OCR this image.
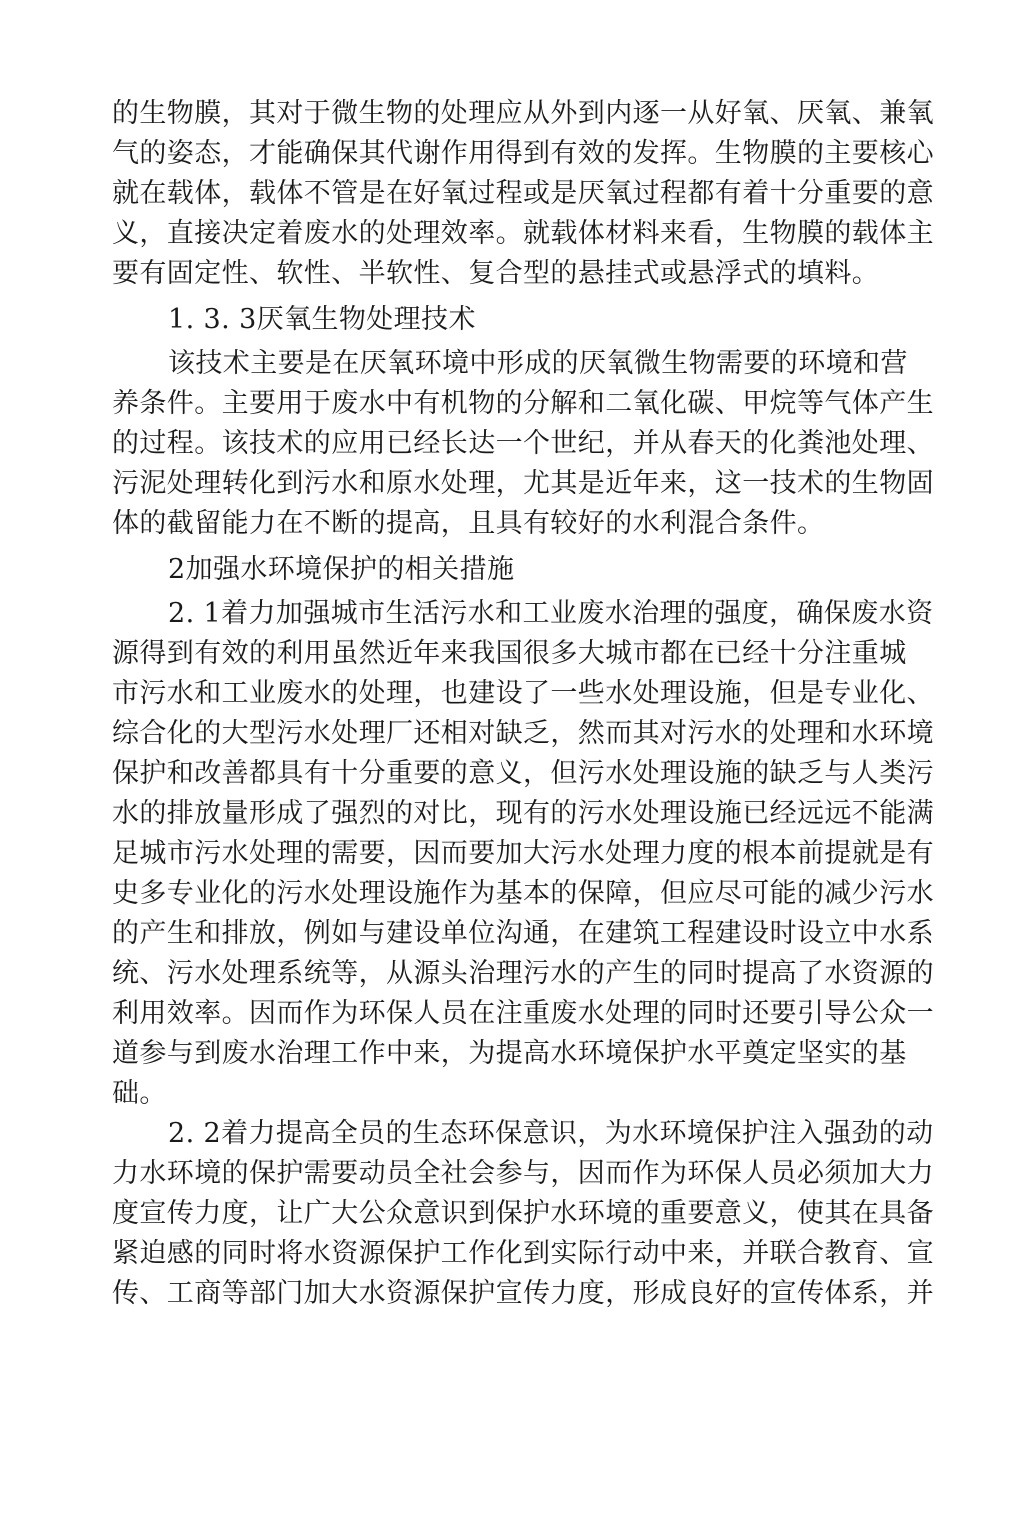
的生物膜，其对于微生物的处理应从外到内逐一从好氧、厌氧、兼氧
气的姿态，才能确保其代谢作用得到有效的发挥。生物膜的主要核心
就在载体，载体不管是在好氧过程或是厌氧过程都有着十分重要的意
义，直接决定着废水的处理效率。就载体材料来看，生物膜的载体主
要有固定性、软性、半软性、复合型的悬挂式或悬浮式的填料。
1. 3. 3厌氧生物处理技术
该技术主要是在厌氧环境中形成的厌氧微生物需要的环境和营
养条件。主要用于废水中有机物的分解和二氧化碳、甲烷等气体产生
的过程。该技术的应用已经长达一个世纪，并从春天的化粪池处理、
污泥处理转化到污水和原水处理，尤其是近年来，这一技术的生物固
体的截留能力在不断的提高，且具有较好的水利混合条件。
2加强水环境保护的相关措施
2. 1着力加强城市生活污水和工业废水治理的强度，确保废水资
源得到有效的利用虽然近年来我国很多大城市都在已经十分注重城
市污水和工业废水的处理，也建设了一些水处理设施，但是专业化、
综合化的大型污水处理厂还相对缺乏，然而其对污水的处理和水环境
保护和改善都具有十分重要的意义，但污水处理设施的缺乏与人类污
水的排放量形成了强烈的对比，现有的污水处理设施已经远远不能满
足城市污水处理的需要，因而要加大污水处理力度的根本前提就是有
史多专业化的污水处理设施作为基本的保障，但应尽可能的减少污水
的产生和排放，例如与建设单位沟通，在建筑工程建设时设立中水系
统、污水处理系统等，从源头治理污水的产生的同时提高了水资源的
利用效率。因而作为环保人员在注重废水处理的同时还要引导公众一
道参与到废水治理工作中来，为提高水环境保护水平奠定坚实的基
础。
2. 2着力提高全员的生态环保意识，为水环境保护注入强劲的动
力水环境的保护需要动员全社会参与，因而作为环保人员必须加大力
度宣传力度，让广大公众意识到保护水环境的重要意义，使其在具备
紧迫感的同时将水资源保护工作化到实际行动中来，并联合教育、宣
传、工商等部门加大水资源保护宣传力度，形成良好的宣传体系，并
